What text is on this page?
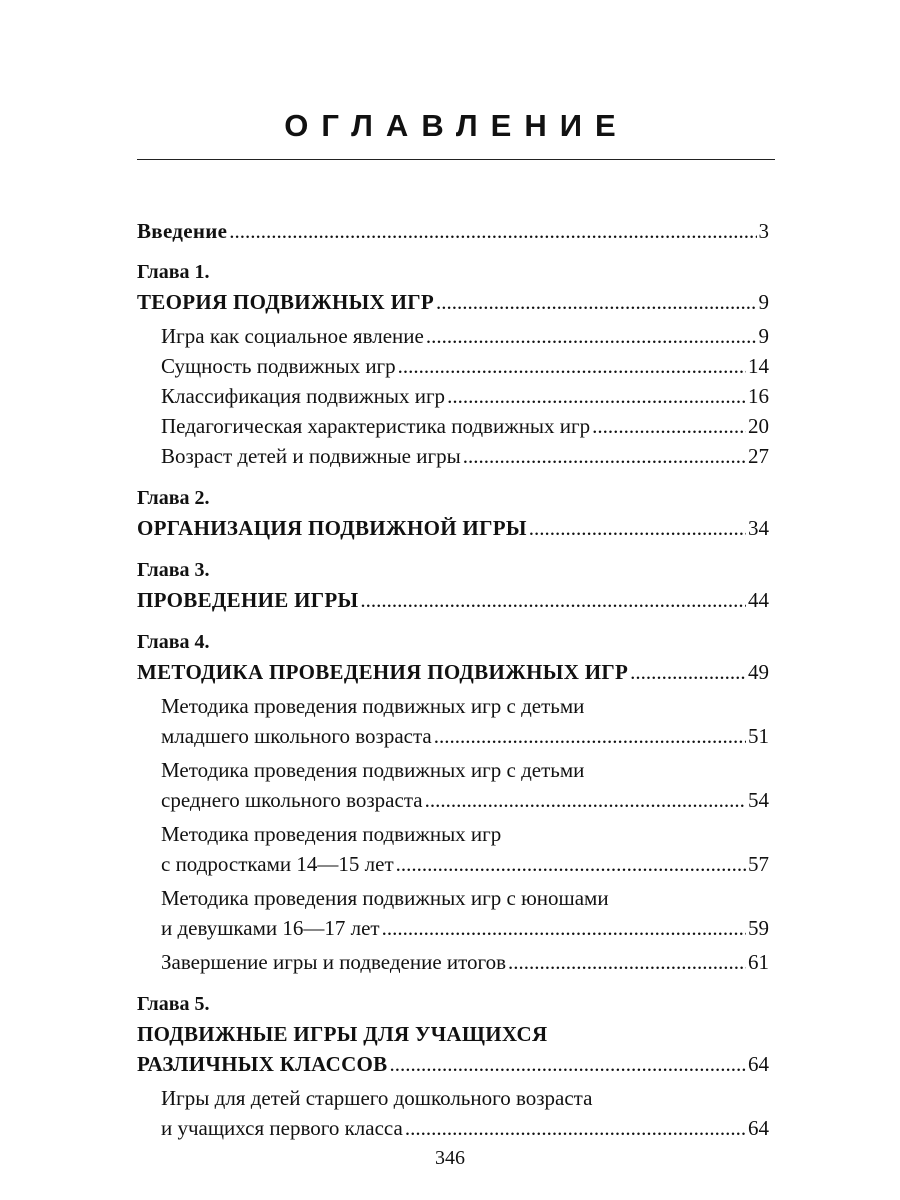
ОГЛАВЛЕНИЕ
Введение .....	3
Глава 1.
ТЕОРИЯ ПОДВИЖНЫХ ИГР .....	9
Игра как социальное явление .....	9
Сущность подвижных игр .....	14
Классификация подвижных игр .....	16
Педагогическая характеристика подвижных игр .....	20
Возраст детей и подвижные игры .....	27
Глава 2.
ОРГАНИЗАЦИЯ ПОДВИЖНОЙ ИГРЫ .....	34
Глава 3.
ПРОВЕДЕНИЕ ИГРЫ .....	44
Глава 4.
МЕТОДИКА ПРОВЕДЕНИЯ ПОДВИЖНЫХ ИГР .....	49
Методика проведения подвижных игр с детьми
младшего школьного возраста .....	51
Методика проведения подвижных игр с детьми
среднего школьного возраста .....	54
Методика проведения подвижных игр
с подростками 14—15 лет .....	57
Методика проведения подвижных игр с юношами
и девушками 16—17 лет .....	59
Завершение игры и подведение итогов .....	61
Глава 5.
ПОДВИЖНЫЕ ИГРЫ ДЛЯ УЧАЩИХСЯ
РАЗЛИЧНЫХ КЛАССОВ .....	64
Игры для детей старшего дошкольного возраста
и учащихся первого класса .....	64
346
